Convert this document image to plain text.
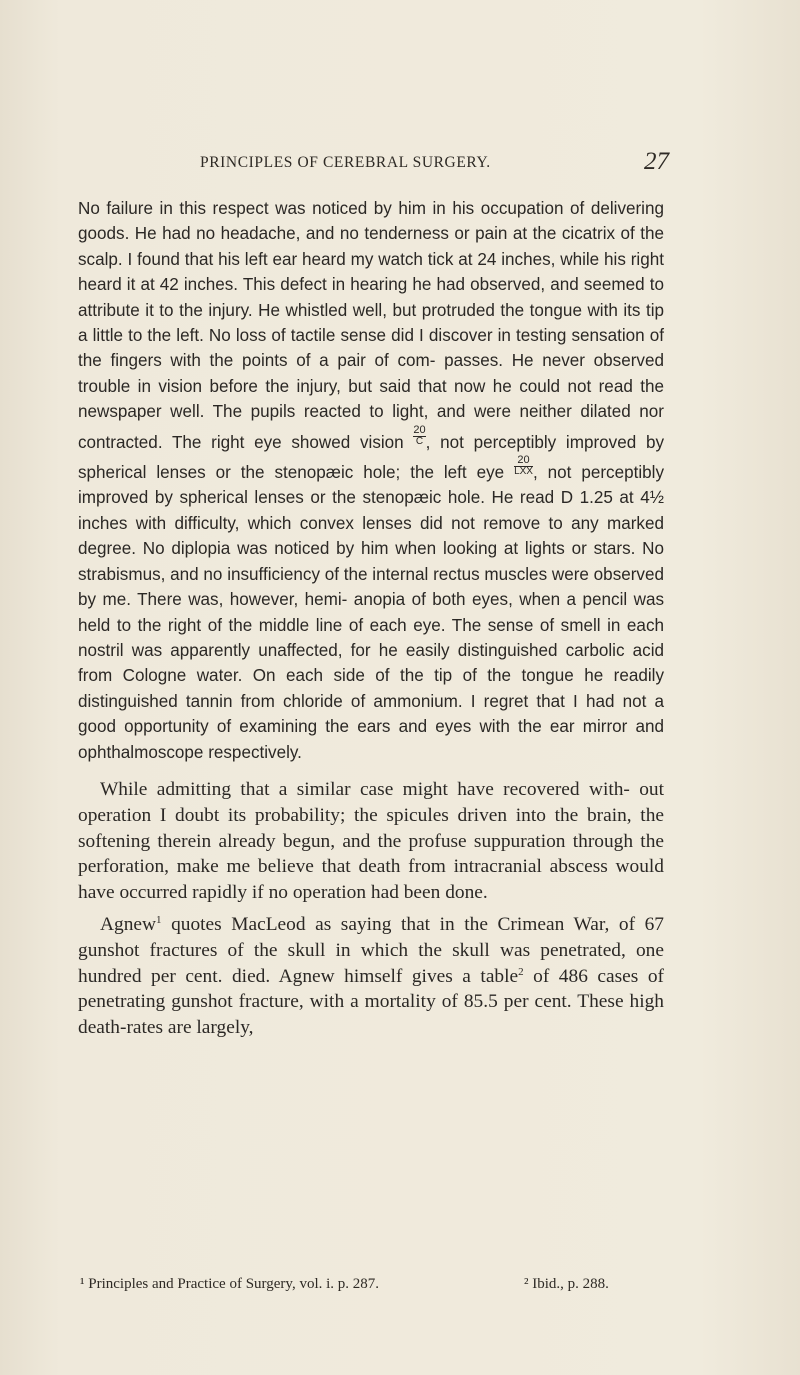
PRINCIPLES OF CEREBRAL SURGERY.	27

No failure in this respect was noticed by him in his occupation of delivering goods. He had no headache, and no tenderness or pain at the cicatrix of the scalp. I found that his left ear heard my watch tick at 24 inches, while his right heard it at 42 inches. This defect in hearing he had observed, and seemed to attribute it to the injury. He whistled well, but protruded the tongue with its tip a little to the left. No loss of tactile sense did I discover in testing sensation of the fingers with the points of a pair of com- passes. He never observed trouble in vision before the injury, but said that now he could not read the newspaper well. The pupils reacted to light, and were neither dilated nor contracted. The right eye showed vision $\frac{20}{C}$ , not perceptibly improved by spherical lenses or the stenopæic hole; the left eye $\frac{20}{\text{LXX}}$ , not perceptibly improved by spherical lenses or the stenopæic hole. He read D 1.25 at 4½ inches with difficulty, which convex lenses did not remove to any marked degree. No diplopia was noticed by him when looking at lights or stars. No strabismus, and no insufficiency of the internal rectus muscles were observed by me. There was, however, hemi- anopia of both eyes, when a pencil was held to the right of the middle line of each eye. The sense of smell in each nostril was apparently unaffected, for he easily distinguished carbolic acid from Cologne water. On each side of the tip of the tongue he readily distinguished tannin from chloride of ammonium. I regret that I had not a good opportunity of examining the ears and eyes with the ear mirror and ophthalmoscope respectively.

While admitting that a similar case might have recovered with- out operation I doubt its probability; the spicules driven into the brain, the softening therein already begun, and the profuse suppuration through the perforation, make me believe that death from intracranial abscess would have occurred rapidly if no operation had been done.

Agnew$^1$ quotes MacLeod as saying that in the Crimean War, of 67 gunshot fractures of the skull in which the skull was penetrated, one hundred per cent. died. Agnew himself gives a table$^2$ of 486 cases of penetrating gunshot fracture, with a mortality of 85.5 per cent. These high death-rates are largely,

¹ Principles and Practice of Surgery, vol. i. p. 287.	² Ibid., p. 288.
